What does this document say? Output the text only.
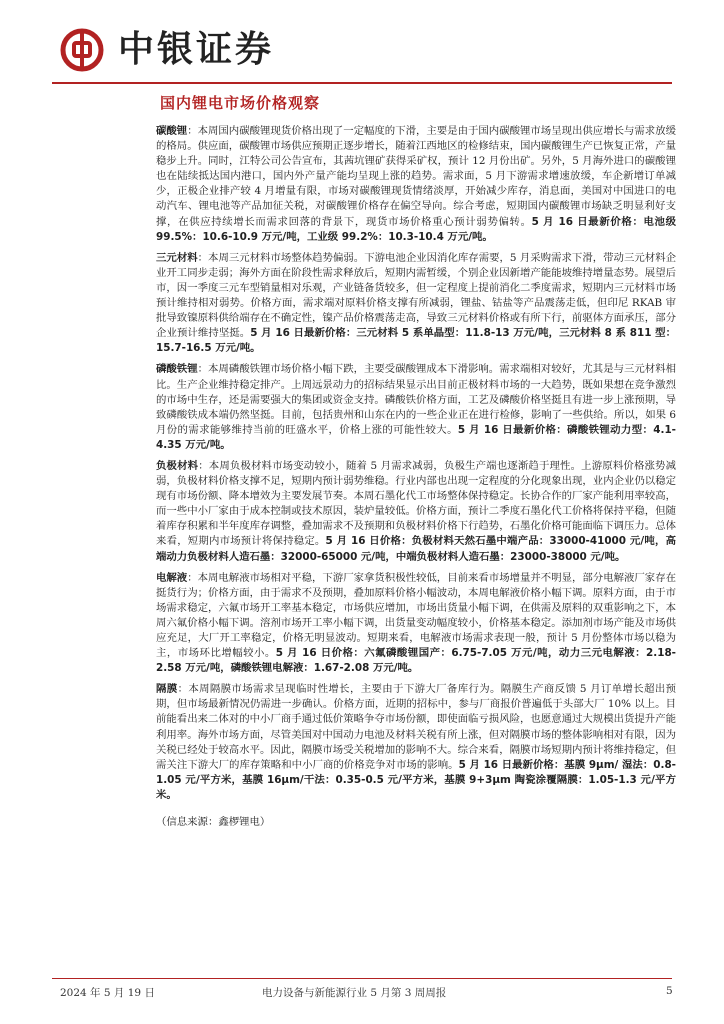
中银证券
国内锂电市场价格观察

碳酸锂：本周国内碳酸锂现货价格出现了一定幅度的下滑，主要是由于国内碳酸锂市场呈现出供应增长与需求放缓的格局。供应面，碳酸锂市场供应预期正逐步增长，随着江西地区的检修结束，国内碳酸锂生产已恢复正常，产量稳步上升。同时，江特公司公告宣布，其茜坑锂矿获得采矿权，预计 12 月份出矿。另外，5 月海外进口的碳酸锂也在陆续抵达国内港口，国内外产量产能均呈现上涨的趋势。需求面，5 月下游需求增速放缓，车企新增订单减少，正极企业排产较 4 月增量有限，市场对碳酸锂现货情绪淡厚，开始减少库存，消息面，美国对中国进口的电动汽车、锂电池等产品加征关税，对碳酸锂价格存在偏空导向。综合考虑，短期国内碳酸锂市场缺乏明显利好支撑，在供应持续增长而需求回落的背景下，现货市场价格重心预计弱势偏转。5 月 16 日最新价格：电池级 99.5%：10.6-10.9 万元/吨，工业级 99.2%：10.3-10.4 万元/吨。

三元材料：本周三元材料市场整体趋势偏弱。下游电池企业因消化库存需要，5 月采购需求下滑，带动三元材料企业开工同步走弱；海外方面在阶段性需求释放后，短期内需暂缓，个别企业因新增产能能坡维持增量态势。展望后市，因一季度三元车型销量相对乐观，产业链备货较多，但一定程度上提前消化二季度需求，短期内三元材料市场预计维持相对弱势。价格方面，需求端对原料价格支撑有所减弱，锂盐、钴盐等产品震荡走低，但印尼 RKAB 审批导致镍原料供给端存在不确定性，镍产品价格震荡走高，导致三元材料价格或有所下行，前驱体方面承压，部分企业预计维持坚挺。5 月 16 日最新价格：三元材料 5 系单晶型：11.8-13 万元/吨，三元材料 8 系 811 型：15.7-16.5 万元/吨。

磷酸铁锂：本周磷酸铁锂市场价格小幅下跌，主要受碳酸锂成本下滑影响。需求端相对较好，尤其是与三元材料相比。生产企业维持稳定排产。上周远景动力的招标结果显示出目前正极材料市场的一大趋势，既如果想在竞争激烈的市场中生存，还是需要强大的集团或资金支持。磷酸铁价格方面，工艺及磷酸价格坚挺且有进一步上涨预期，导致磷酸铁成本端仍然坚挺。目前，包括贵州和山东在内的一些企业正在进行检修，影响了一些供给。所以，如果 6 月份的需求能够维持当前的旺盛水平，价格上涨的可能性较大。5 月 16 日最新价格：磷酸铁锂动力型：4.1-4.35 万元/吨。

负极材料：本周负极材料市场变动较小，随着 5 月需求减弱，负极生产端也逐渐趋于理性。上游原料价格涨势减弱，负极材料价格支撑不足，短期内预计弱势维稳。行业内部也出现一定程度的分化现象出现，业内企业仍以稳定现有市场份额、降本增效为主要发展节奏。本周石墨化代工市场整体保持稳定。长协合作的厂家产能利用率较高，而一些中小厂家由于成本控制或技术原因，装炉量较低。价格方面，预计二季度石墨化代工价格将保持平稳，但随着库存积累和半年度库存调整，叠加需求不及预期和负极材料价格下行趋势，石墨化价格可能面临下调压力。总体来看，短期内市场预计将保持稳定。5 月 16 日价格：负极材料天然石墨中端产品：33000-41000 元/吨，高端动力负极材料人造石墨：32000-65000 元/吨，中端负极材料人造石墨：23000-38000 元/吨。

电解液：本周电解液市场相对平稳，下游厂家拿货积极性较低，目前来看市场增量并不明显，部分电解液厂家存在挺货行为；价格方面，由于需求不及预期，叠加原料价格小幅波动，本周电解液价格小幅下调。原料方面，由于市场需求稳定，六氟市场开工率基本稳定，市场供应增加，市场出货量小幅下调，在供需及原料的双重影响之下，本周六氟价格小幅下调。溶剂市场开工率小幅下调，出货量变动幅度较小，价格基本稳定。添加剂市场产能及市场供应充足，大厂开工率稳定，价格无明显波动。短期来看，电解液市场需求表现一般，预计 5 月份整体市场以稳为主，市场环比增幅较小。5 月 16 日价格：六氟磷酸锂国产：6.75-7.05 万元/吨，动力三元电解液：2.18-2.58 万元/吨，磷酸铁锂电解液：1.67-2.08 万元/吨。

隔膜：本周隔膜市场需求呈现临时性增长，主要由于下游大厂备库行为。隔膜生产商反馈 5 月订单增长超出预期，但市场最新情况仍需进一步确认。价格方面，近期的招标中，参与厂商报价普遍低于头部大厂 10% 以上。目前能看出来二体对的中小厂商手通过低价策略争夺市场份额，即使面临亏损风险，也愿意通过大规模出货提升产能利用率。海外市场方面，尽管美国对中国动力电池及材料关税有所上涨，但对隔膜市场的整体影响相对有限，因为关税已经处于较高水平。因此，隔膜市场受关税增加的影响不大。综合来看，隔膜市场短期内预计将维持稳定，但需关注下游大厂的库存策略和中小厂商的价格竞争对市场的影响。5 月 16 日最新价格：基膜 9μm/ 湿法：0.8-1.05 元/平方米，基膜 16μm/干法：0.35-0.5 元/平方米，基膜 9+3μm 陶瓷涂覆隔膜：1.05-1.3 元/平方米。

（信息来源：鑫椤锂电）
2024 年 5 月 19 日	电力设备与新能源行业 5 月第 3 周周报	5
